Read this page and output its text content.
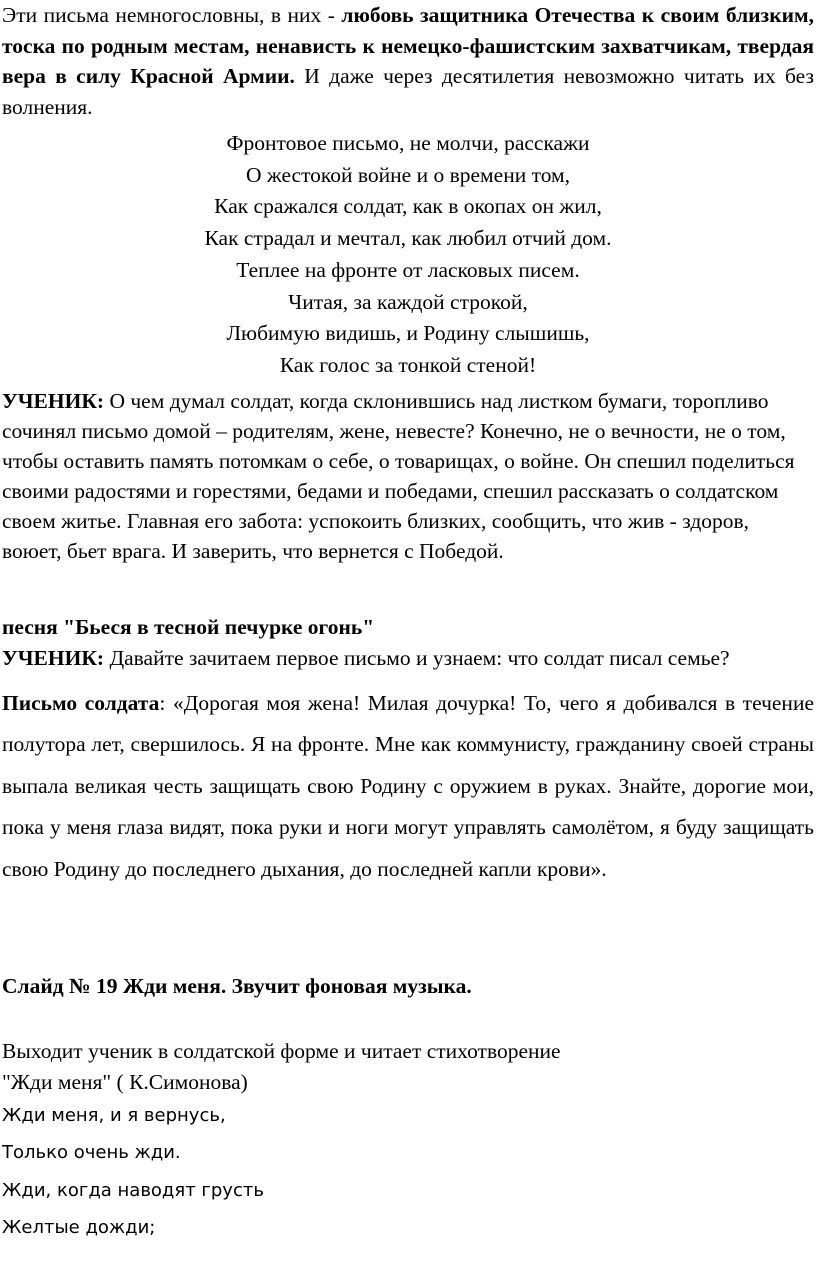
Эти письма немногословны, в них - любовь защитника Отечества к своим близким, тоска по родным местам, ненависть к немецко-фашистским захватчикам, твердая вера в силу Красной Армии. И даже через десятилетия невозможно читать их без волнения.

Фронтовое письмо, не молчи, расскажи
О жестокой войне и о времени том,
Как сражался солдат, как в окопах он жил,
Как страдал и мечтал, как любил отчий дом.
Теплее на фронте от ласковых писем.
Читая, за каждой строкой,
Любимую видишь, и Родину слышишь,
Как голос за тонкой стеной!

УЧЕНИК: О чем думал солдат, когда склонившись над листком бумаги, торопливо сочинял письмо домой – родителям, жене, невесте? Конечно, не о вечности, не о том, чтобы оставить память потомкам о себе, о товарищах, о войне. Он спешил поделиться своими радостями и горестями, бедами и победами, спешил рассказать о солдатском своем житье. Главная его забота: успокоить близких, сообщить, что жив - здоров, воюет, бьет врага. И заверить, что вернется с Победой.

песня "Бьеся в тесной печурке огонь"

УЧЕНИК: Давайте зачитаем первое письмо и узнаем: что солдат писал семье?

Письмо солдата: «Дорогая моя жена! Милая дочурка! То, чего я добивался в течение полутора лет, свершилось. Я на фронте. Мне как коммунисту, гражданину своей страны выпала великая честь защищать свою Родину с оружием в руках. Знайте, дорогие мои, пока у меня глаза видят, пока руки и ноги могут управлять самолётом, я буду защищать свою Родину до последнего дыхания, до последней капли крови».

Слайд № 19 Жди меня. Звучит фоновая музыка.

Выходит ученик в солдатской форме и читает стихотворение
"Жди меня" ( К.Симонова)
Жди меня, и я вернусь,
Только очень жди.
Жди, когда наводят грусть
Желтые дожди;
